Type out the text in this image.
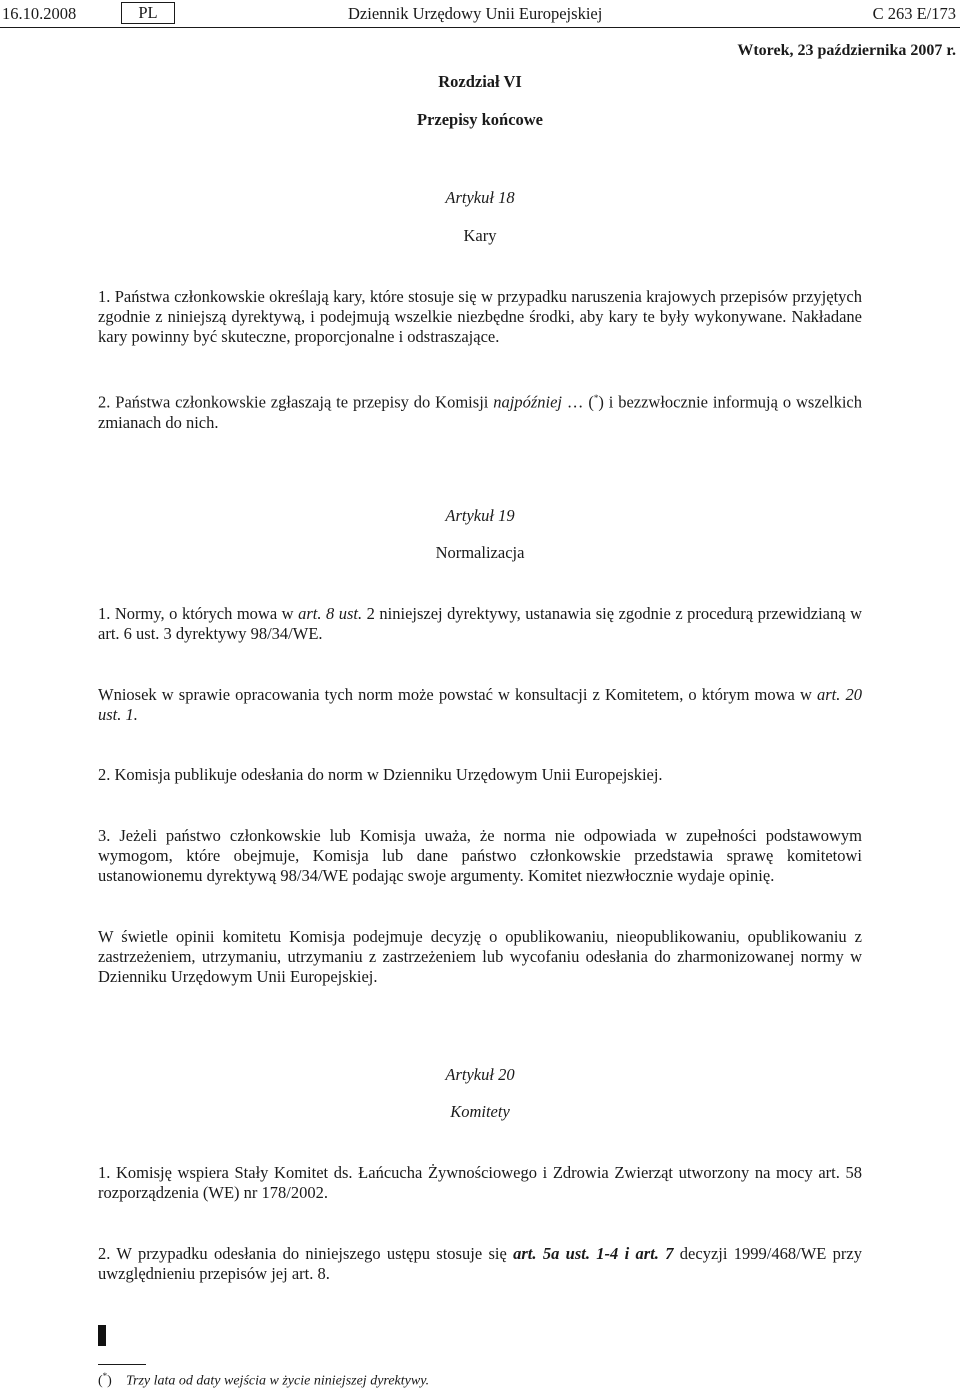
16.10.2008	PL	Dziennik Urzędowy Unii Europejskiej	C 263 E/173
Wtorek, 23 października 2007 r.
Rozdział VI
Przepisy końcowe
Artykuł 18
Kary

1. Państwa członkowskie określają kary, które stosuje się w przypadku naruszenia krajowych przepisów przyjętych zgodnie z niniejszą dyrektywą, i podejmują wszelkie niezbędne środki, aby kary te były wykonywane. Nakładane kary powinny być skuteczne, proporcjonalne i odstraszające.

2. Państwa członkowskie zgłaszają te przepisy do Komisji najpóźniej … (*) i bezzwłocznie informują o wszelkich zmianach do nich.

Artykuł 19
Normalizacja

1. Normy, o których mowa w art. 8 ust. 2 niniejszej dyrektywy, ustanawia się zgodnie z procedurą przewidzianą w art. 6 ust. 3 dyrektywy 98/34/WE.

Wniosek w sprawie opracowania tych norm może powstać w konsultacji z Komitetem, o którym mowa w art. 20 ust. 1.

2. Komisja publikuje odesłania do norm w Dzienniku Urzędowym Unii Europejskiej.

3. Jeżeli państwo członkowskie lub Komisja uważa, że norma nie odpowiada w zupełności podstawowym wymogom, które obejmuje, Komisja lub dane państwo członkowskie przedstawia sprawę komitetowi ustanowionemu dyrektywą 98/34/WE podając swoje argumenty. Komitet niezwłocznie wydaje opinię.

W świetle opinii komitetu Komisja podejmuje decyzję o opublikowaniu, nieopublikowaniu, opublikowaniu z zastrzeżeniem, utrzymaniu, utrzymaniu z zastrzeżeniem lub wycofaniu odesłania do zharmonizowanej normy w Dzienniku Urzędowym Unii Europejskiej.

Artykuł 20
Komitety

1. Komisję wspiera Stały Komitet ds. Łańcucha Żywnościowego i Zdrowia Zwierząt utworzony na mocy art. 58 rozporządzenia (WE) nr 178/2002.

2. W przypadku odesłania do niniejszego ustępu stosuje się art. 5a ust. 1-4 i art. 7 decyzji 1999/468/WE przy uwzględnieniu przepisów jej art. 8.

(*) Trzy lata od daty wejścia w życie niniejszej dyrektywy.
